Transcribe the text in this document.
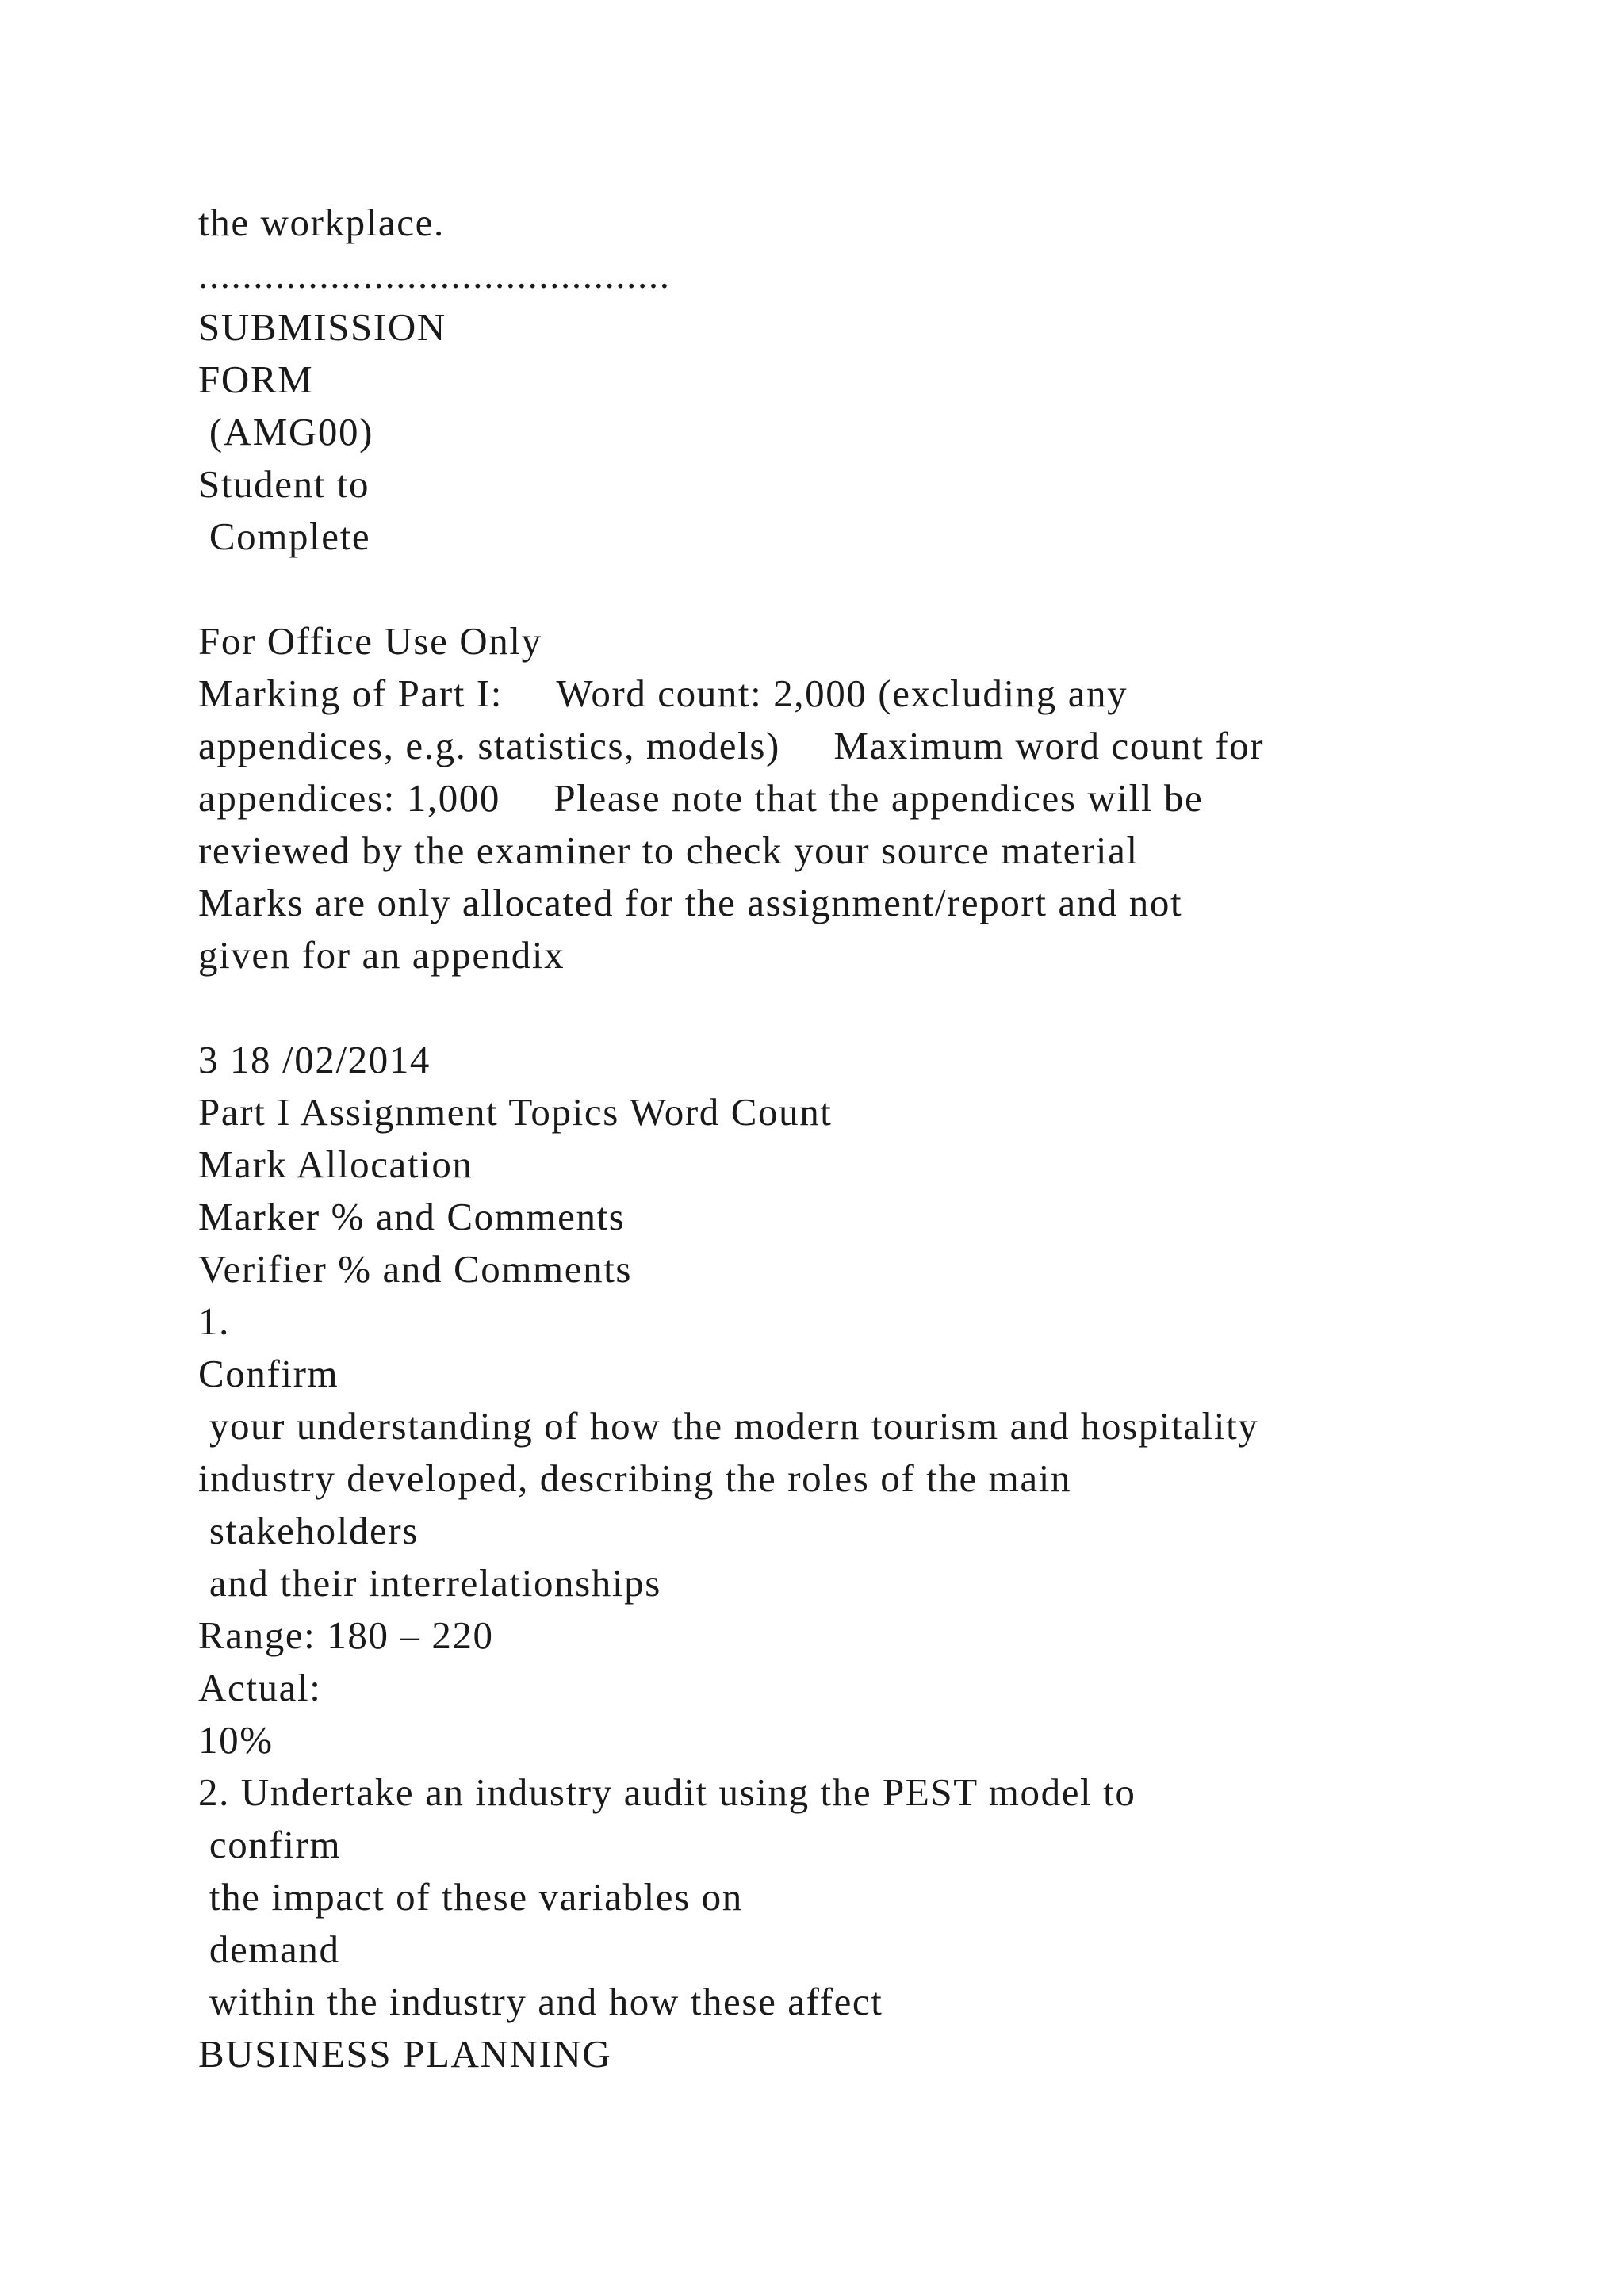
the workplace.
...........................................
SUBMISSION
FORM
(AMG00)
Student to
Complete
For Office Use Only
Marking of Part I:   Word count: 2,000 (excluding any
appendices, e.g. statistics, models)   Maximum word count for
appendices: 1,000   Please note that the appendices will be
reviewed by the examiner to check your source material
Marks are only allocated for the assignment/report and not
given for an appendix
3 18 /02/2014
Part I Assignment Topics Word Count
Mark Allocation
Marker % and Comments
Verifier % and Comments
1.
Confirm
your understanding of how the modern tourism and hospitality
industry developed, describing the roles of the main
stakeholders
and their interrelationships
Range: 180 – 220
Actual:
10%
2. Undertake an industry audit using the PEST model to
confirm
the impact of these variables on
demand
within the industry and how these affect
BUSINESS PLANNING
